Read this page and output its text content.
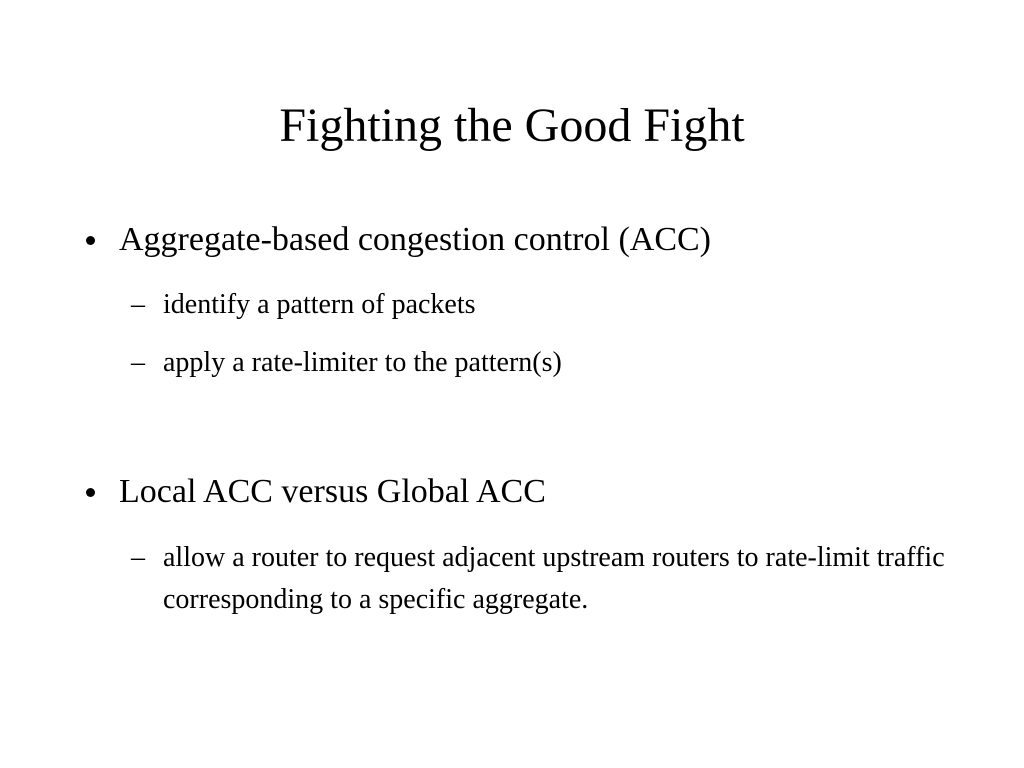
Fighting the Good Fight
Aggregate-based congestion control (ACC)
– identify a pattern of packets
– apply a rate-limiter to the pattern(s)
Local ACC versus Global ACC
– allow a router to request adjacent upstream routers to rate-limit traffic corresponding to a specific aggregate.
